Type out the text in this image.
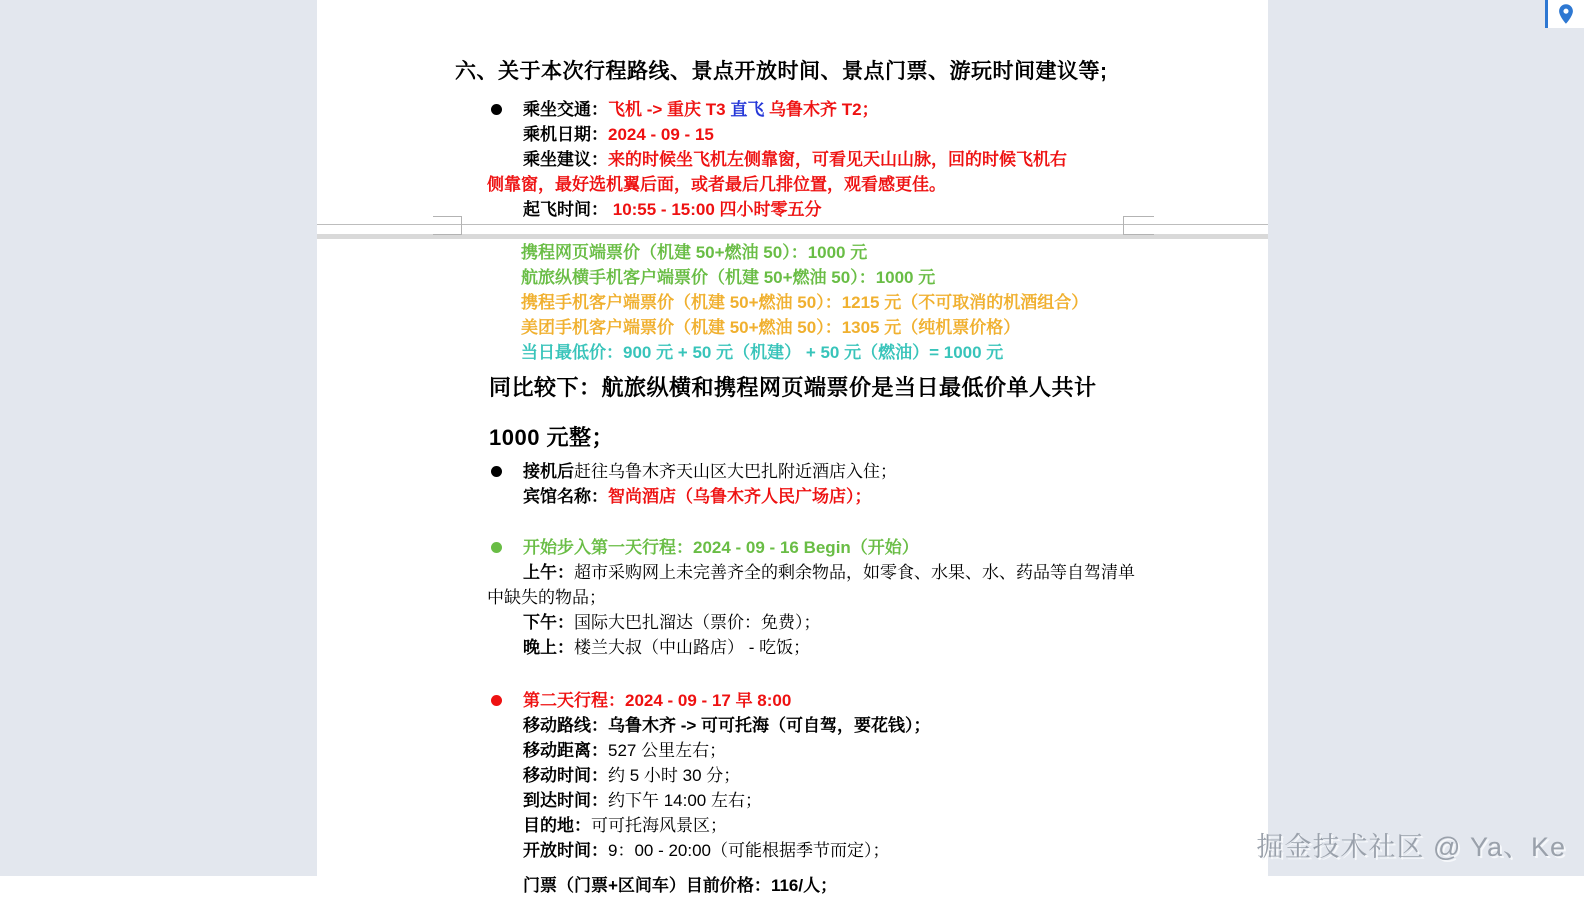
六、关于本次行程路线、景点开放时间、景点门票、游玩时间建议等;
乘坐交通：飞机 -> 重庆 T3 直飞 乌鲁木齐 T2；
乘机日期：2024 - 09 - 15
乘坐建议：来的时候坐飞机左侧靠窗，可看见天山山脉，回的时候飞机右
侧靠窗，最好选机翼后面，或者最后几排位置，观看感更佳。
起飞时间： 10:55 - 15:00 四小时零五分
携程网页端票价（机建 50+燃油 50）：1000 元
航旅纵横手机客户端票价（机建 50+燃油 50）：1000 元
携程手机客户端票价（机建 50+燃油 50）：1215 元（不可取消的机酒组合）
美团手机客户端票价（机建 50+燃油 50）：1305 元（纯机票价格）
当日最低价：900 元 + 50 元（机建） + 50 元（燃油）= 1000 元
同比较下：航旅纵横和携程网页端票价是当日最低价单人共计
1000 元整；
接机后赶往乌鲁木齐天山区大巴扎附近酒店入住；
宾馆名称：智尚酒店（乌鲁木齐人民广场店）；
开始步入第一天行程：2024 - 09 - 16 Begin（开始）
上午：超市采购网上未完善齐全的剩余物品，如零食、水果、水、药品等自驾清单
中缺失的物品；
下午：国际大巴扎溜达（票价：免费）；
晚上：楼兰大叔（中山路店） - 吃饭；
第二天行程：2024 - 09 - 17 早 8:00
移动路线：乌鲁木齐 -> 可可托海（可自驾，要花钱）；
移动距离：527 公里左右；
移动时间：约 5 小时 30 分；
到达时间：约下午 14:00 左右；
目的地：可可托海风景区；
开放时间：9：00 - 20:00（可能根据季节而定）；
门票（门票+区间车）目前价格：116/人；
掘金技术社区 @ Ya、Ke
